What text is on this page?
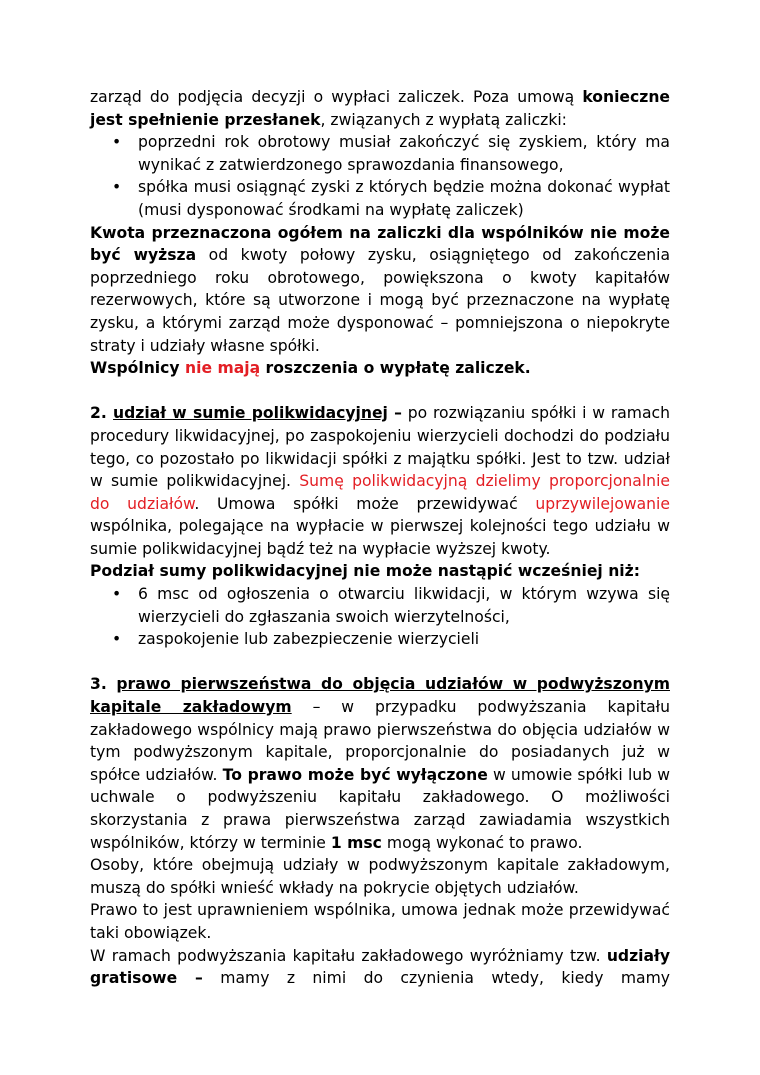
zarząd do podjęcia decyzji o wypłaci zaliczek. Poza umową konieczne jest spełnienie przesłanek, związanych z wypłatą zaliczki:

• poprzedni rok obrotowy musiał zakończyć się zyskiem, który ma wynikać z zatwierdzonego sprawozdania finansowego,
• spółka musi osiągnąć zyski z których będzie można dokonać wypłat (musi dysponować środkami na wypłatę zaliczek)

Kwota przeznaczona ogółem na zaliczki dla wspólników nie może być wyższa od kwoty połowy zysku, osiągniętego od zakończenia poprzedniego roku obrotowego, powiększona o kwoty kapitałów rezerwowych, które są utworzone i mogą być przeznaczone na wypłatę zysku, a którymi zarząd może dysponować – pomniejszona o niepokryte straty i udziały własne spółki.

Wspólnicy nie mają roszczenia o wypłatę zaliczek.

2. udział w sumie polikwidacyjnej – po rozwiązaniu spółki i w ramach procedury likwidacyjnej, po zaspokojeniu wierzycieli dochodzi do podziału tego, co pozostało po likwidacji spółki z majątku spółki. Jest to tzw. udział w sumie polikwidacyjnej. Sumę polikwidacyjną dzielimy proporcjonalnie do udziałów. Umowa spółki może przewidywać uprzywilejowanie wspólnika, polegające na wypłacie w pierwszej kolejności tego udziału w sumie polikwidacyjnej bądź też na wypłacie wyższej kwoty.

Podział sumy polikwidacyjnej nie może nastąpić wcześniej niż:

• 6 msc od ogłoszenia o otwarciu likwidacji, w którym wzywa się wierzycieli do zgłaszania swoich wierzytelności,
• zaspokojenie lub zabezpieczenie wierzycieli

3. prawo pierwszeństwa do objęcia udziałów w podwyższonym kapitale zakładowym – w przypadku podwyższania kapitału zakładowego wspólnicy mają prawo pierwszeństwa do objęcia udziałów w tym podwyższonym kapitale, proporcjonalnie do posiadanych już w spółce udziałów. To prawo może być wyłączone w umowie spółki lub w uchwale o podwyższeniu kapitału zakładowego. O możliwości skorzystania z prawa pierwszeństwa zarząd zawiadamia wszystkich wspólników, którzy w terminie 1 msc mogą wykonać to prawo.

Osoby, które obejmują udziały w podwyższonym kapitale zakładowym, muszą do spółki wnieść wkłady na pokrycie objętych udziałów.

Prawo to jest uprawnieniem wspólnika, umowa jednak może przewidywać taki obowiązek.

W ramach podwyższania kapitału zakładowego wyróżniamy tzw. udziały gratisowe – mamy z nimi do czynienia wtedy, kiedy mamy
